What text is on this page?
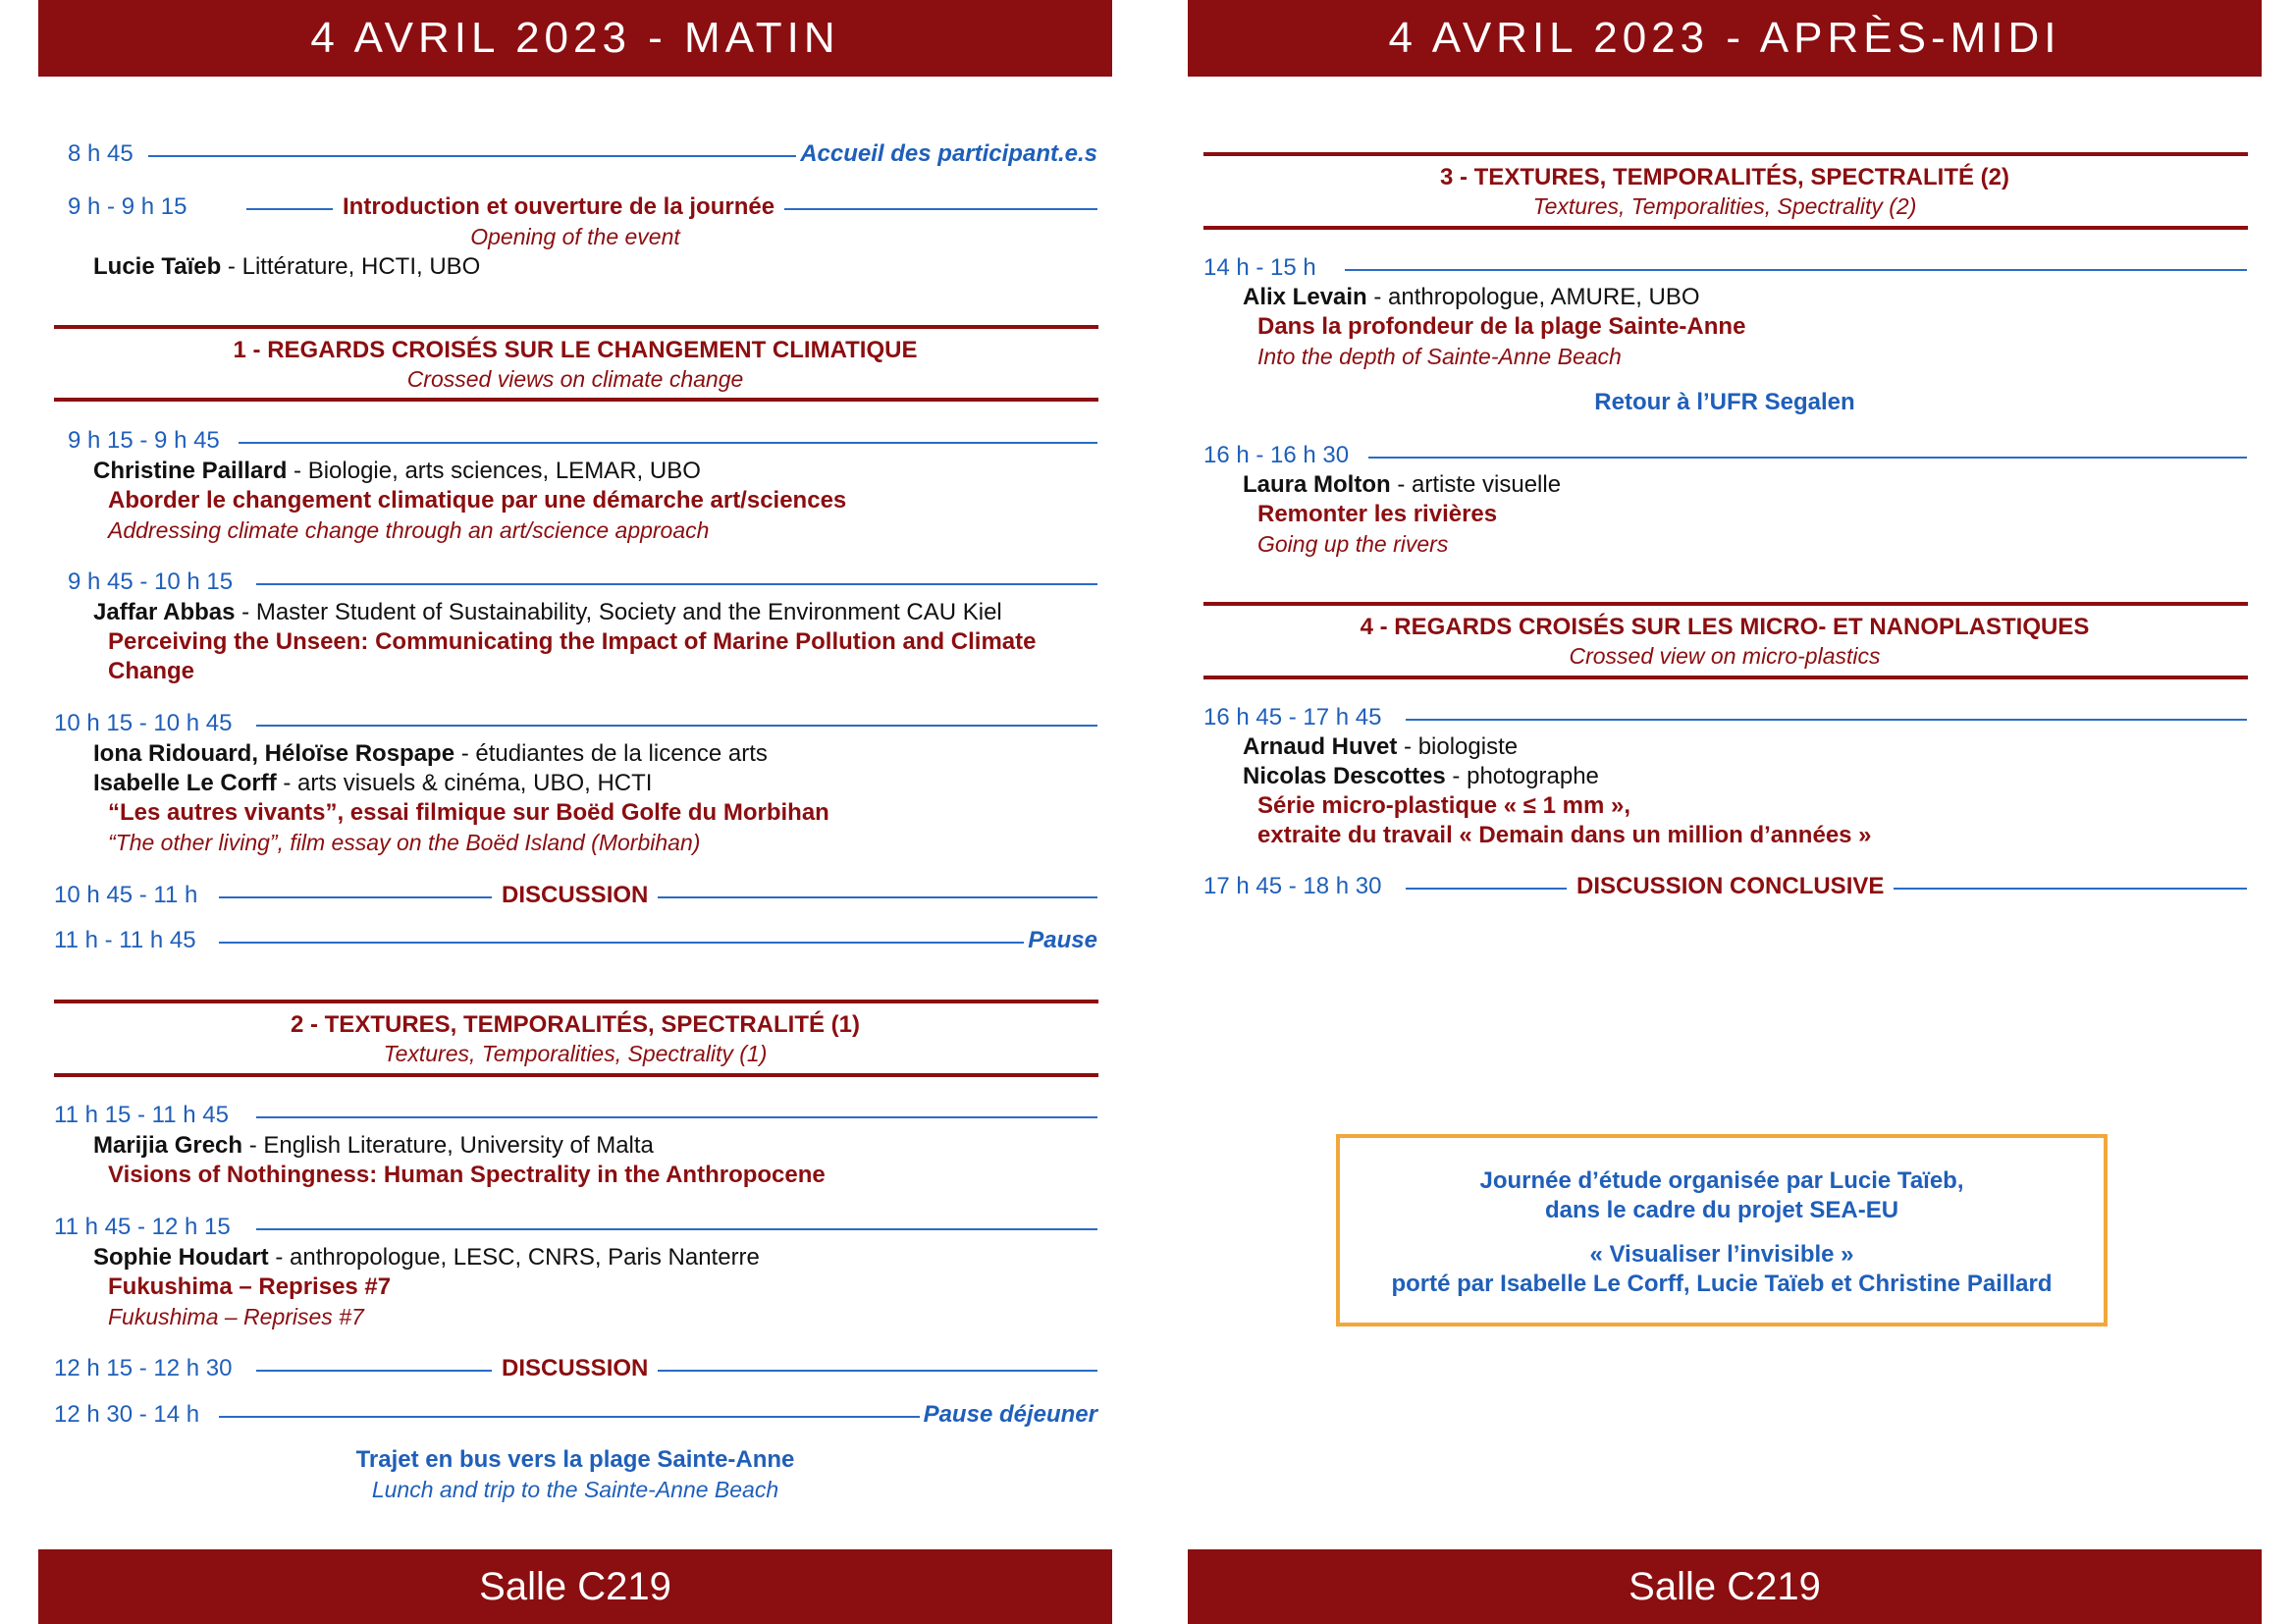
4 AVRIL 2023 - MATIN
8 h 45	Accueil des participant.e.s
9 h - 9 h 15	Introduction et ouverture de la journée
Opening of the event
Lucie Taïeb - Littérature, HCTI, UBO
1 - REGARDS CROISÉS SUR LE CHANGEMENT CLIMATIQUE
Crossed views on climate change
9 h 15 - 9 h 45
Christine Paillard - Biologie, arts sciences, LEMAR, UBO
Aborder le changement climatique par une démarche art/sciences
Addressing climate change through an art/science approach
9 h 45 - 10 h 15
Jaffar Abbas - Master Student of Sustainability, Society and the Environment CAU Kiel
Perceiving the Unseen: Communicating the Impact of Marine Pollution and Climate
Change
10 h 15 - 10 h 45
Iona Ridouard, Héloïse Rospape - étudiantes de la licence arts
Isabelle Le Corff - arts visuels & cinéma, UBO, HCTI
“Les autres vivants”, essai filmique sur Boëd Golfe du Morbihan
“The other living”, film essay on the Boëd Island (Morbihan)
10 h 45 - 11 h	DISCUSSION
11 h - 11 h 45	Pause
2 - TEXTURES, TEMPORALITÉS, SPECTRALITÉ (1)
Textures, Temporalities, Spectrality (1)
11 h 15 - 11 h 45
Marijia Grech - English Literature, University of Malta
Visions of Nothingness: Human Spectrality in the Anthropocene
11 h 45 - 12 h 15
Sophie Houdart - anthropologue, LESC, CNRS, Paris Nanterre
Fukushima – Reprises #7
Fukushima – Reprises #7
12 h 15 - 12 h 30	DISCUSSION
12 h 30 - 14 h	Pause déjeuner
Trajet en bus vers la plage Sainte-Anne
Lunch and trip to the Sainte-Anne Beach
Salle C219
4 AVRIL 2023 - APRÈS-MIDI
3 - TEXTURES, TEMPORALITÉS, SPECTRALITÉ (2)
Textures, Temporalities, Spectrality (2)
14 h - 15 h
Alix Levain - anthropologue, AMURE, UBO
Dans la profondeur de la plage Sainte-Anne
Into the depth of Sainte-Anne Beach
Retour à l’UFR Segalen
16 h - 16 h 30
Laura Molton - artiste visuelle
Remonter les rivières
Going up the rivers
4 - REGARDS CROISÉS SUR LES MICRO- ET NANOPLASTIQUES
Crossed view on micro-plastics
16 h 45 - 17 h 45
Arnaud Huvet - biologiste
Nicolas Descottes - photographe
Série micro-plastique « ≤ 1 mm »,
extraite du travail « Demain dans un million d’années »
17 h 45 - 18 h 30	DISCUSSION CONCLUSIVE
Journée d’étude organisée par Lucie Taïeb,
dans le cadre du projet SEA-EU
« Visualiser l’invisible »
porté par Isabelle Le Corff, Lucie Taïeb et Christine Paillard
Salle C219
